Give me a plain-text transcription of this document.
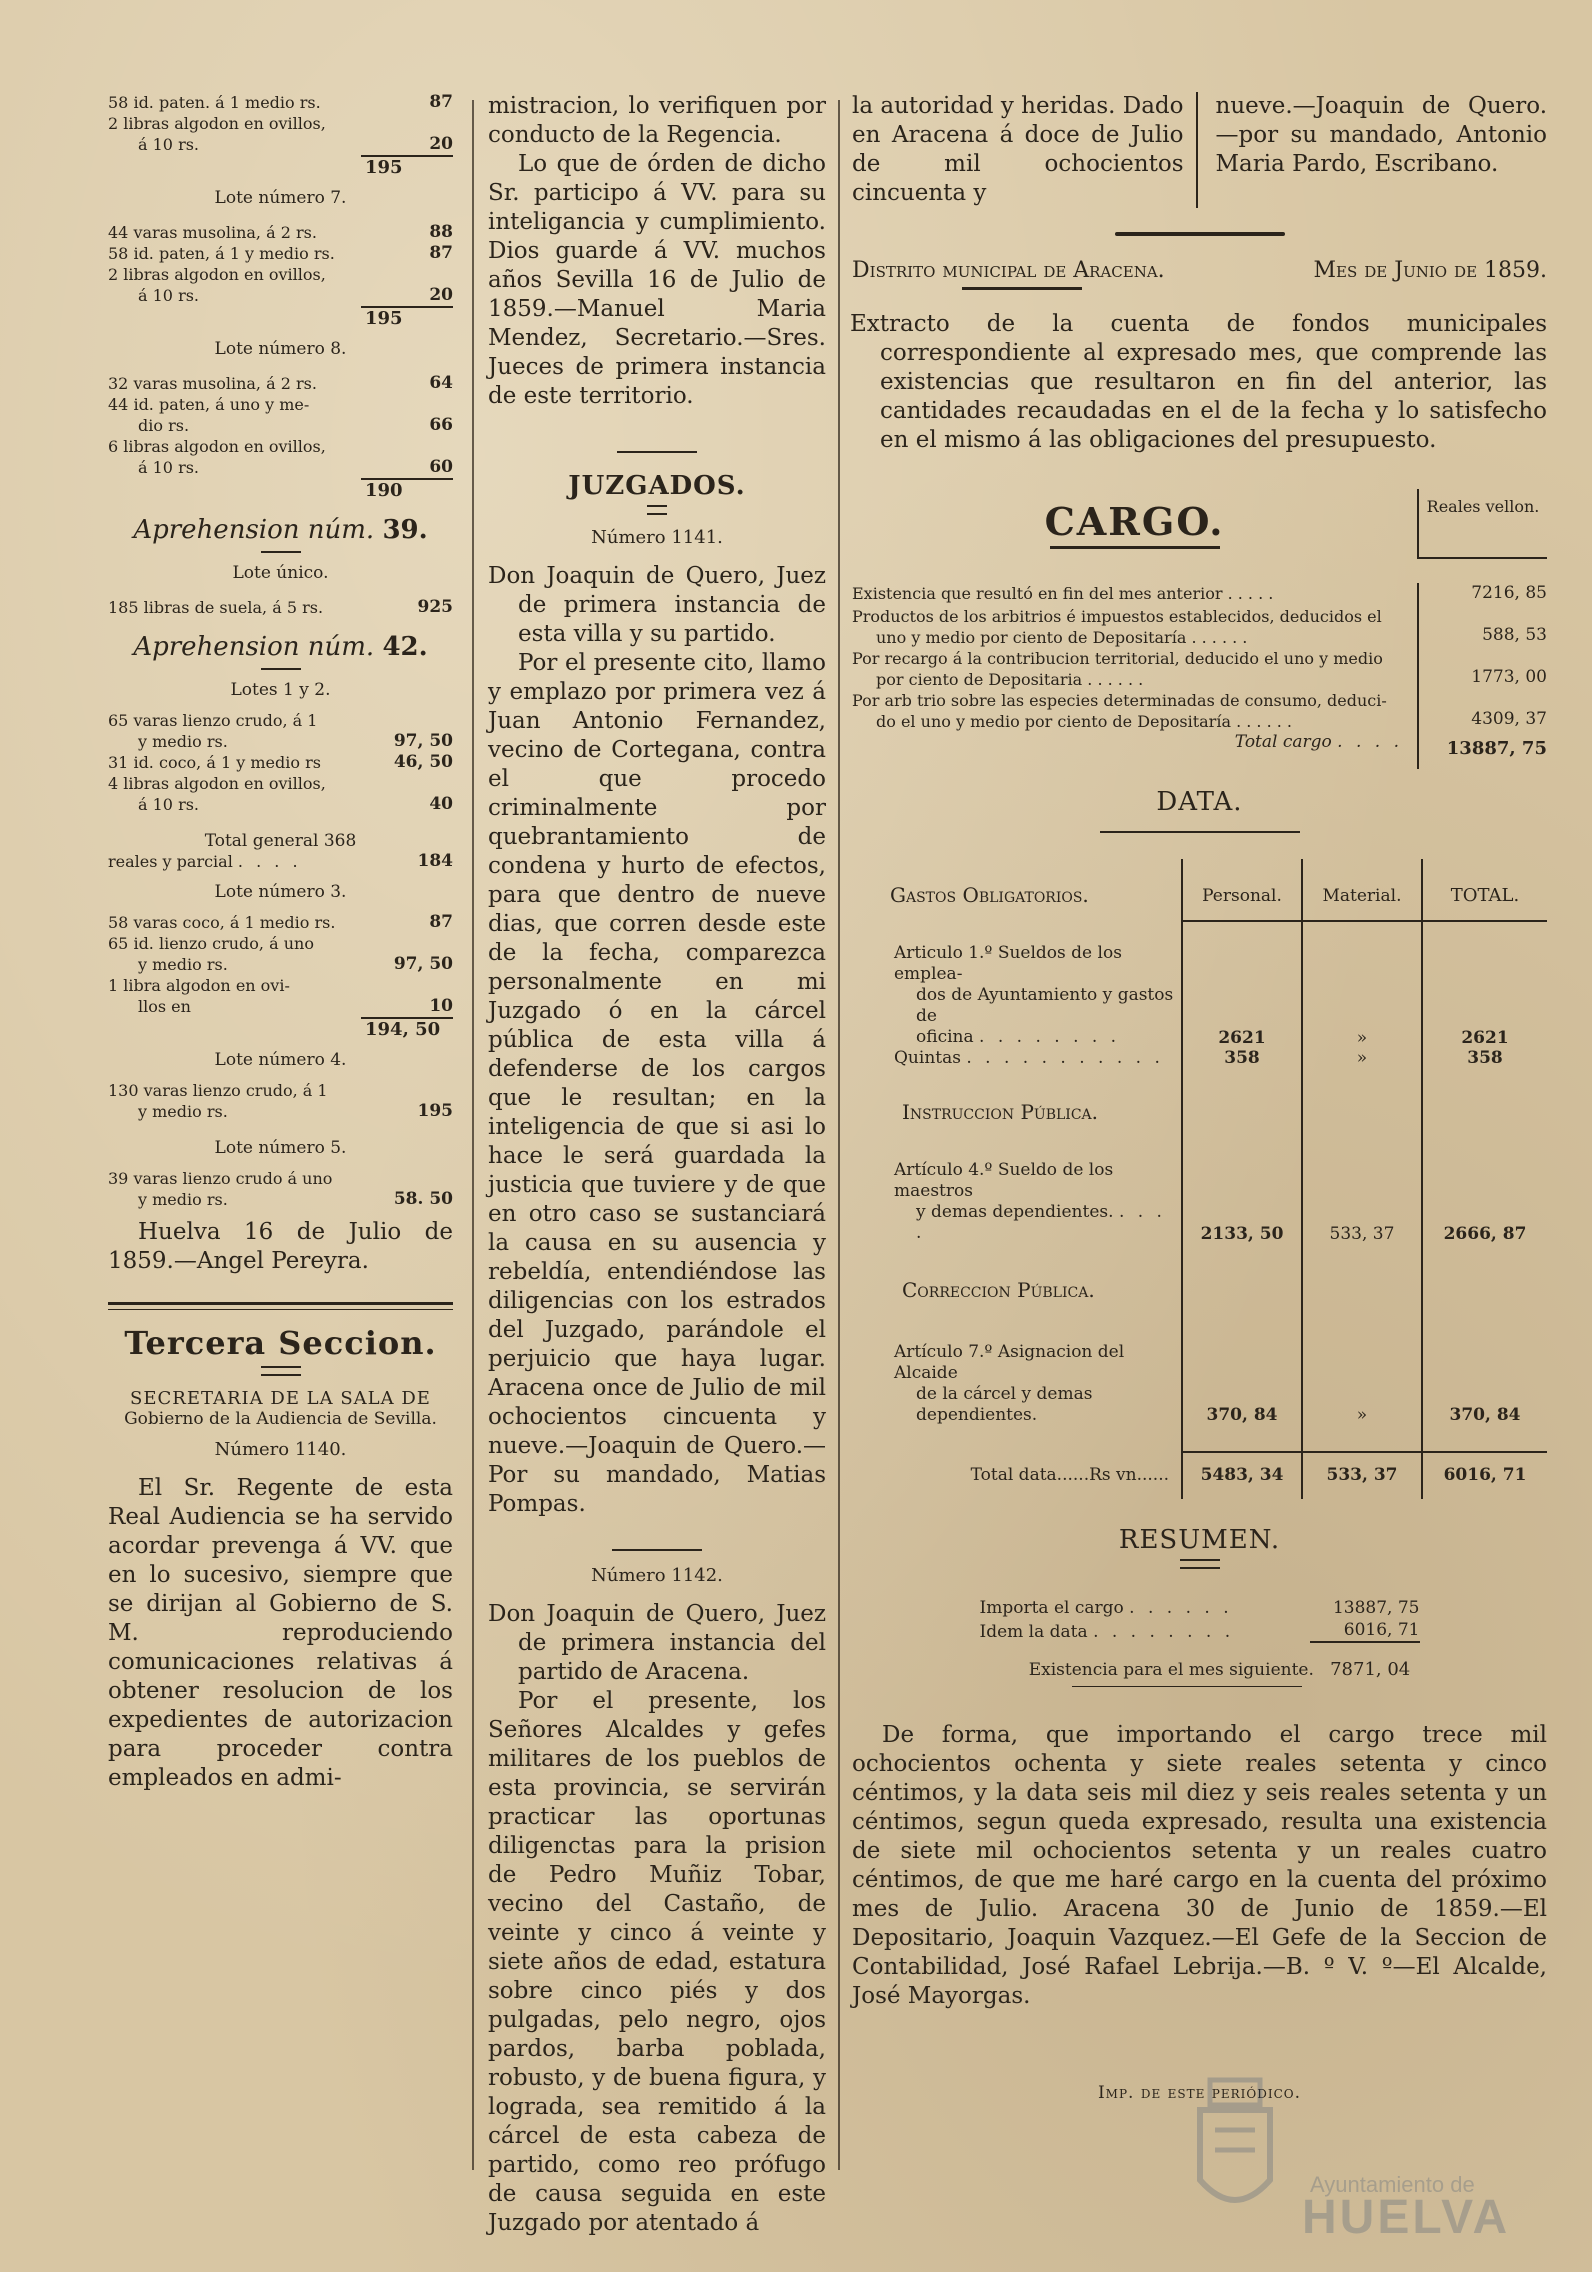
58 id. paten. á 1 medio rs.	87
2 libras algodon en ovillos,
á 10 rs.	20
195
Lote número 7.
44 varas musolina, á 2 rs.	88
58 id. paten, á 1 y medio rs.	87
2 libras algodon en ovillos,
á 10 rs.	20
195
Lote número 8.
32 varas musolina, á 2 rs.	64
44 id. paten, á uno y me-
dio rs.	66
6 libras algodon en ovillos,
á 10 rs.	60
190
Aprehension núm. 39.
Lote único.
185 libras de suela, á 5 rs.	925
Aprehension núm. 42.
Lotes 1 y 2.
65 varas lienzo crudo, á 1
y medio rs.	97, 50
31 id. coco, á 1 y medio rs	46, 50
4 libras algodon en ovillos,
á 10 rs.	40
Total general 368
reales y parcial . . . .	184
Lote número 3.
58 varas coco, á 1 medio rs.	87
65 id. lienzo crudo, á uno
y medio rs.	97, 50
1 libra algodon en ovi-
llos en	10
194, 50
Lote número 4.
130 varas lienzo crudo, á 1
y medio rs.	195
Lote número 5.
39 varas lienzo crudo á uno
y medio rs.	58. 50

Huelva 16 de Julio de 1859.—Angel Pereyra.

Tercera Seccion.
SECRETARIA DE LA SALA DE
Gobierno de la Audiencia de Sevilla.
Número 1140.

El Sr. Regente de esta Real Audiencia se ha servido acordar prevenga á VV. que en lo sucesivo, siempre que se dirijan al Gobierno de S. M. reproduciendo comunicaciones relativas á obtener resolucion de los expedientes de autorizacion para proceder contra empleados en admi-

mistracion, lo verifiquen por conducto de la Regencia.

Lo que de órden de dicho Sr. participo á VV. para su inteligancia y cumplimiento. Dios guarde á VV. muchos años Sevilla 16 de Julio de 1859.—Manuel Maria Mendez, Secretario.—Sres. Jueces de primera instancia de este territorio.

JUZGADOS.
Número 1141.

Don Joaquin de Quero, Juez de primera instancia de esta villa y su partido.

Por el presente cito, llamo y emplazo por primera vez á Juan Antonio Fernandez, vecino de Cortegana, contra el que procedo criminalmente por quebrantamiento de condena y hurto de efectos, para que dentro de nueve dias, que corren desde este de la fecha, comparezca personalmente en mi Juzgado ó en la cárcel pública de esta villa á defenderse de los cargos que le resultan; en la inteligencia de que si asi lo hace le será guardada la justicia que tuviere y de que en otro caso se sustanciará la causa en su ausencia y rebeldía, entendiéndose las diligencias con los estrados del Juzgado, parándole el perjuicio que haya lugar. Aracena once de Julio de mil ochocientos cincuenta y nueve.—Joaquin de Quero.—Por su mandado, Matias Pompas.

Número 1142.

Don Joaquin de Quero, Juez de primera instancia del partido de Aracena.

Por el presente, los Señores Alcaldes y gefes militares de los pueblos de esta provincia, se servirán practicar las oportunas diligenctas para la prision de Pedro Muñiz Tobar, vecino del Castaño, de veinte y cinco á veinte y siete años de edad, estatura sobre cinco piés y dos pulgadas, pelo negro, ojos pardos, barba poblada, robusto, y de buena figura, y lograda, sea remitido á la cárcel de esta cabeza de partido, como reo prófugo de causa seguida en este Juzgado por atentado á

la autoridad y heridas. Dado en Aracena á doce de Julio de mil ochocientos cincuenta y

nueve.—Joaquin de Quero.—por su mandado, Antonio Maria Pardo, Escribano.

Distrito municipal de Aracena.	Mes de Junio de 1859.

Extracto de la cuenta de fondos municipales correspondiente al expresado mes, que comprende las existencias que resultaron en fin del anterior, las cantidades recaudadas en el de la fecha y lo satisfecho en el mismo á las obligaciones del presupuesto.

CARGO.	Reales vellon.
Existencia que resultó en fin del mes anterior . . . . .	7216, 85
Productos de los arbitrios é impuestos establecidos, deducidos el
uno y medio por ciento de Depositaría . . . . . .	588, 53
Por recargo á la contribucion territorial, deducido el uno y medio
por ciento de Depositaria . . . . . .	1773, 00
Por arb trio sobre las especies determinadas de consumo, deduci-
do el uno y medio por ciento de Depositaría . . . . . .	4309, 37
Total cargo . . . .	13887, 75
DATA.
Gastos Obligatorios.	Personal.	Material.	TOTAL.

Articulo 1.º Sueldos de los emplea-
dos de Ayuntamiento y gastos de
oficina . . . . . . . .	2621	»	2621
Quintas . . . . . . . . . . .	358	»	358
Instruccion Pública.			

Artículo 4.º Sueldo de los maestros
y demas dependientes. . . . .	2133, 50	533, 37	2666, 87
Correccion Pública.			

Artículo 7.º Asignacion del Alcaide
de la cárcel y demas dependientes.	370, 84	»	370, 84
Total data......Rs vn......	5483, 34	533, 37	6016, 71
RESUMEN.
Importa el cargo . . . . . .	13887, 75
Idem la data . . . . . . . .	6016, 71
Existencia para el mes siguiente. 7871, 04

De forma, que importando el cargo trece mil ochocientos ochenta y siete reales setenta y cinco céntimos, y la data seis mil diez y seis reales setenta y un céntimos, segun queda expresado, resulta una existencia de siete mil ochocientos setenta y un reales cuatro céntimos, de que me haré cargo en la cuenta del próximo mes de Julio. Aracena 30 de Junio de 1859.—El Depositario, Joaquin Vazquez.—El Gefe de la Seccion de Contabilidad, José Rafael Lebrija.—B. º V. º—El Alcalde, José Mayorgas.

Imp. de este periódico.
Ayuntamiento de
HUELVA
